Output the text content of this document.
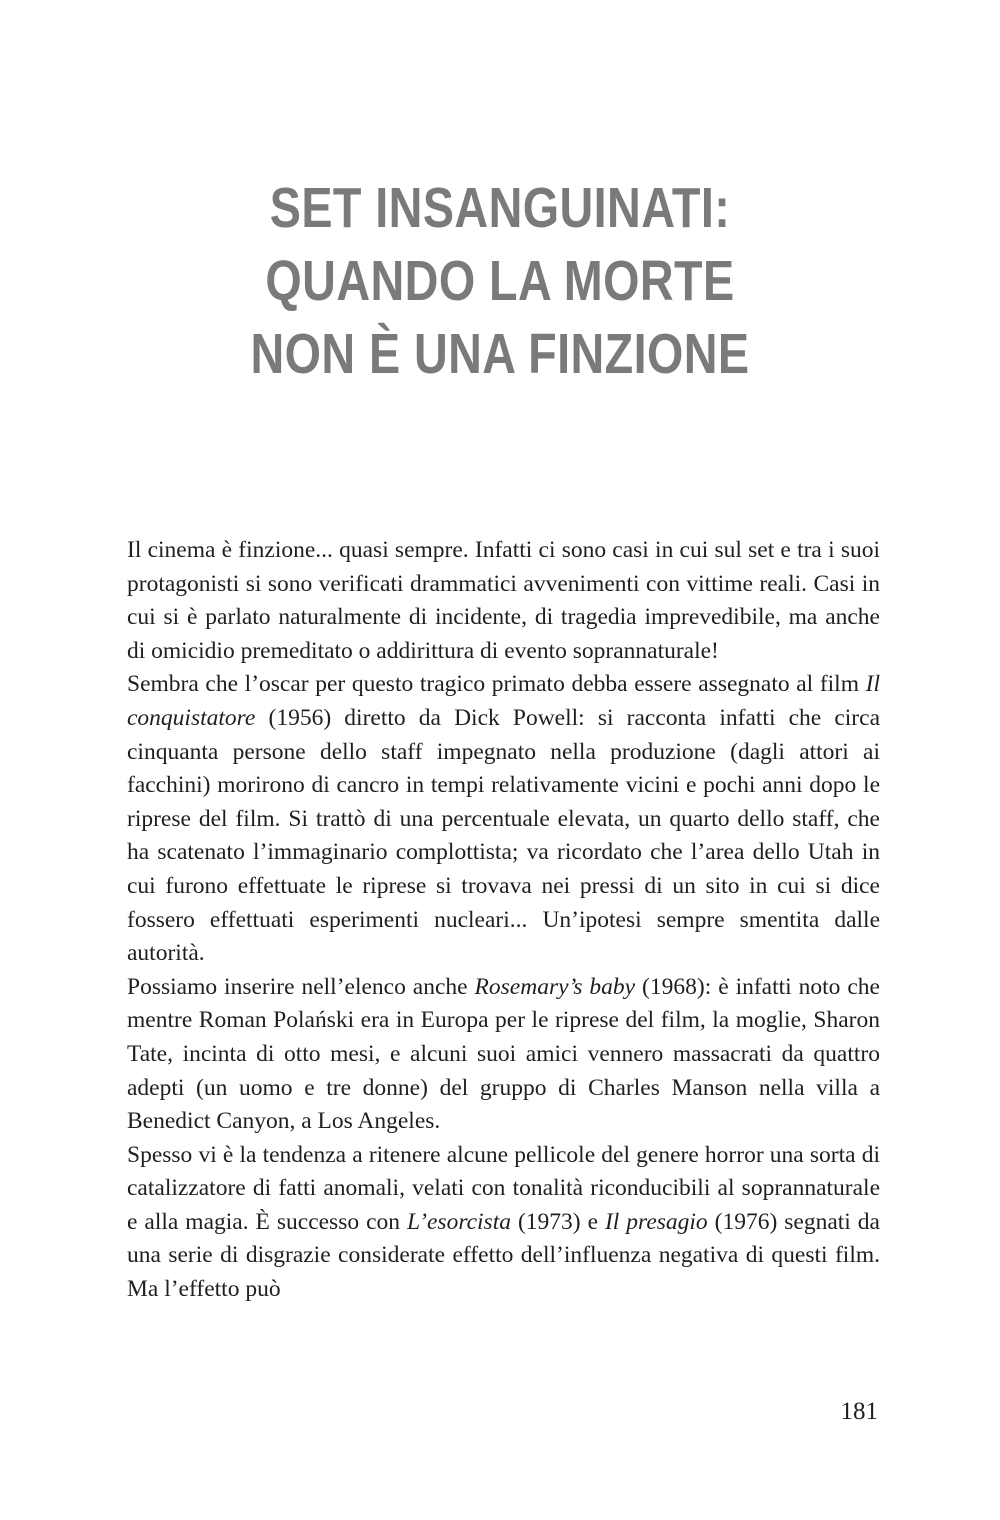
SET INSANGUINATI:
QUANDO LA MORTE
NON È UNA FINZIONE

Il cinema è finzione... quasi sempre. Infatti ci sono casi in cui sul set e tra i suoi protagonisti si sono verificati drammatici avvenimenti con vittime reali. Casi in cui si è parlato naturalmente di incidente, di tragedia imprevedibile, ma anche di omicidio premeditato o addirittura di evento soprannaturale!

Sembra che l’oscar per questo tragico primato debba essere assegnato al film Il conquistatore (1956) diretto da Dick Powell: si racconta infatti che circa cinquanta persone dello staff impegnato nella produzione (dagli attori ai facchini) morirono di cancro in tempi relativamente vicini e pochi anni dopo le riprese del film. Si trattò di una percentuale elevata, un quarto dello staff, che ha scatenato l’immaginario complottista; va ricordato che l’area dello Utah in cui furono effettuate le riprese si trovava nei pressi di un sito in cui si dice fossero effettuati esperimenti nucleari... Un’ipotesi sempre smentita dalle autorità.

Possiamo inserire nell’elenco anche Rosemary’s baby (1968): è infatti noto che mentre Roman Polański era in Europa per le riprese del film, la moglie, Sharon Tate, incinta di otto mesi, e alcuni suoi amici vennero massacrati da quattro adepti (un uomo e tre donne) del gruppo di Charles Manson nella villa a Benedict Canyon, a Los Angeles.

Spesso vi è la tendenza a ritenere alcune pellicole del genere horror una sorta di catalizzatore di fatti anomali, velati con tonalità riconducibili al soprannaturale e alla magia. È successo con L’esorcista (1973) e Il presagio (1976) segnati da una serie di disgrazie considerate effetto dell’influenza negativa di questi film. Ma l’effetto può

181
